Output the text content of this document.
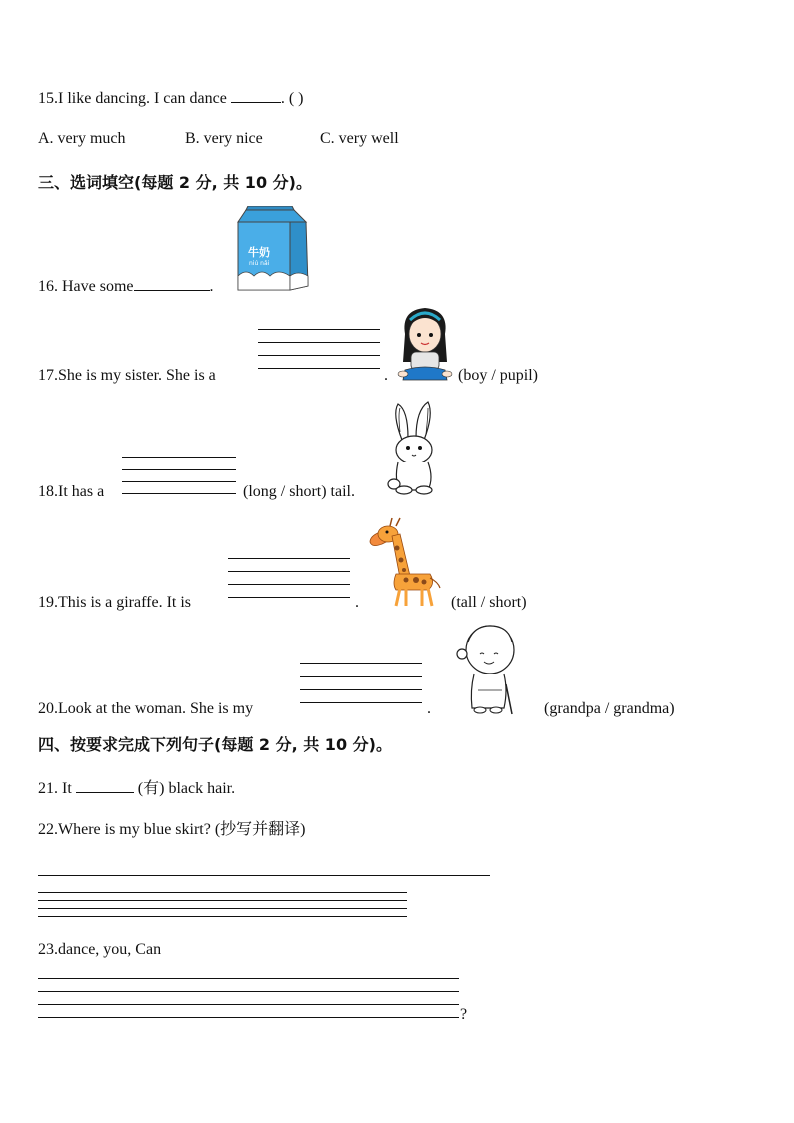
15.I like dancing. I can dance	. ( )
A. very much	B. very nice	C. very well
三、选词填空(每题 2 分, 共 10 分)。
16. Have some	.
牛奶
niú nǎi
17.She is my sister. She is a	.	(boy / pupil)
18.It has a	(long / short) tail.
19.This is a giraffe. It is	.	(tall / short)
20.Look at the woman. She is my	.	(grandpa / grandma)
四、按要求完成下列句子(每题 2 分, 共 10 分)。
21. It	(有) black hair.
22.Where is my blue skirt? (抄写并翻译)
23.dance, you, Can
?
